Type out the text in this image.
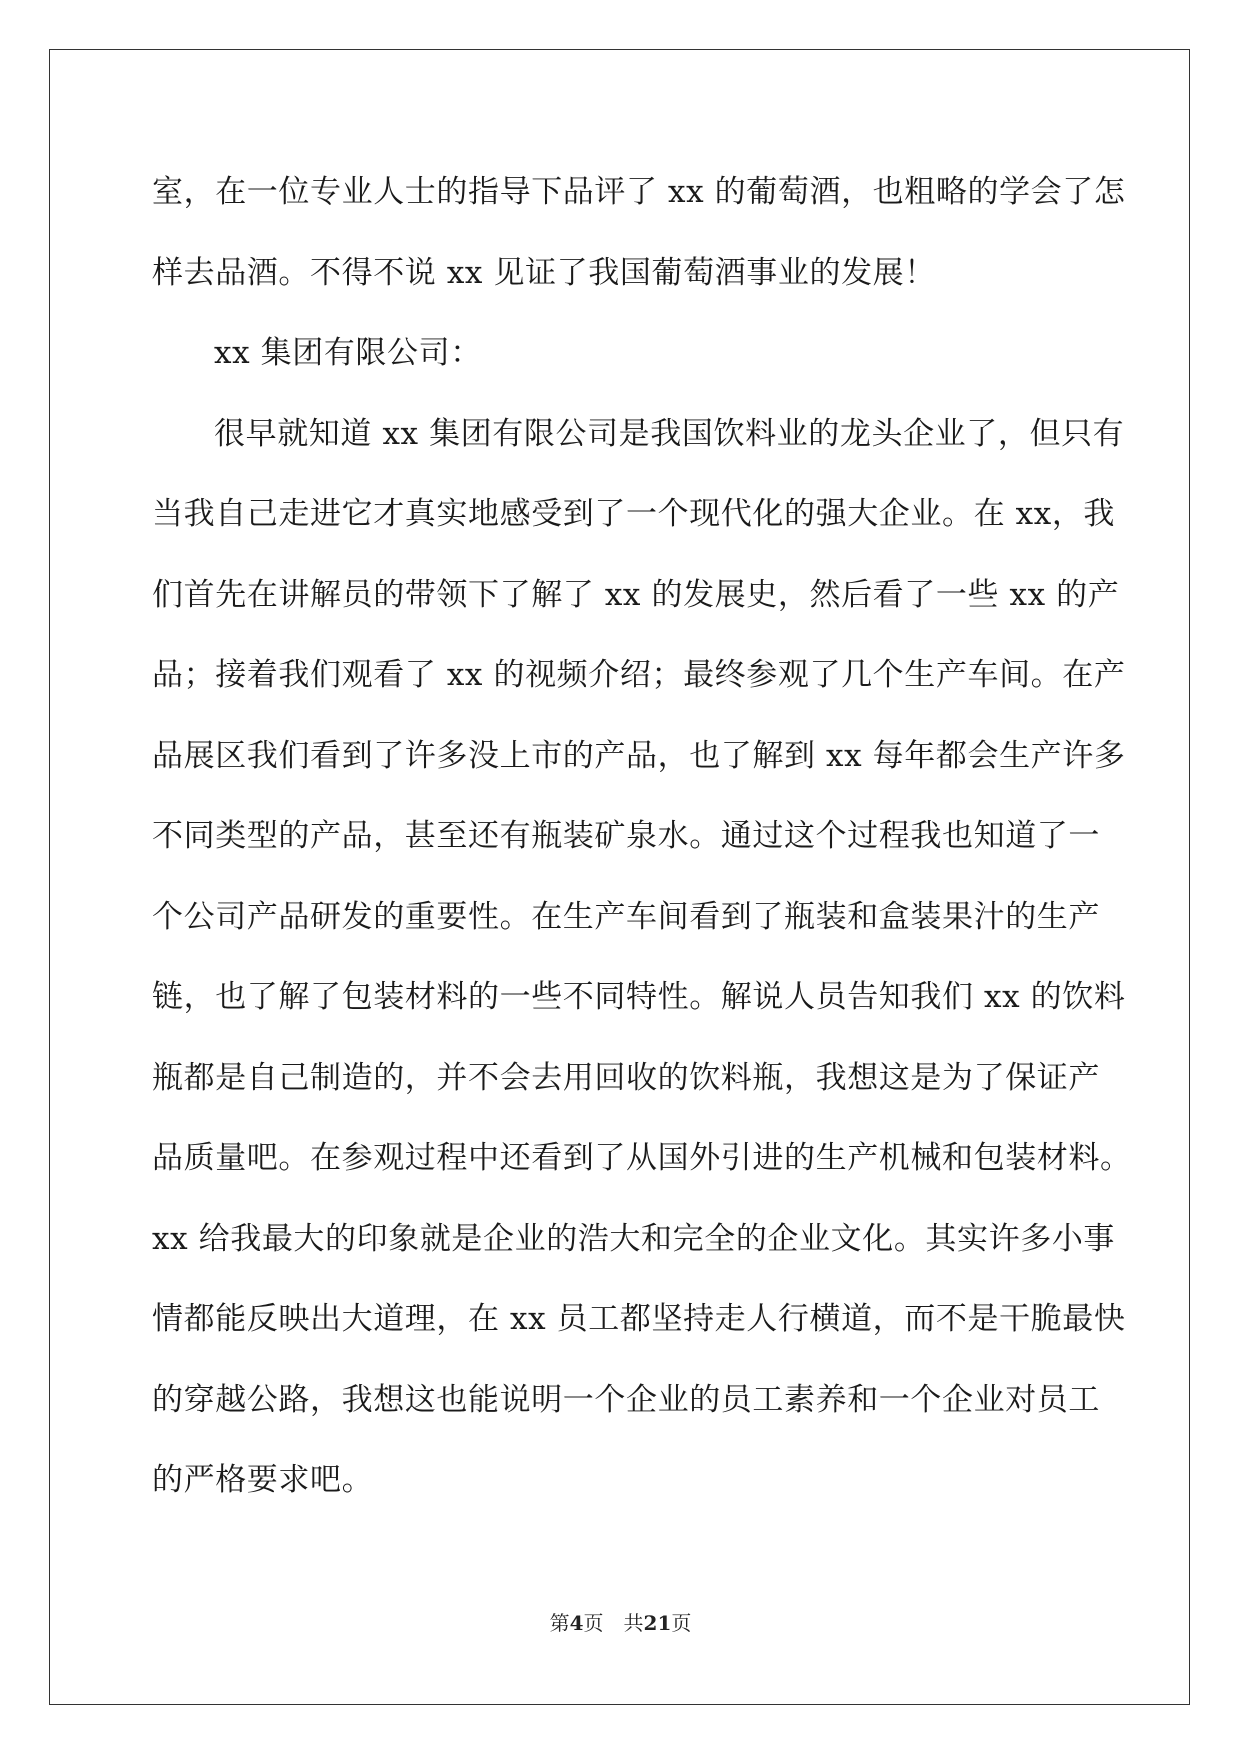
室，在一位专业人士的指导下品评了 xx 的葡萄酒，也粗略的学会了怎
样去品酒。不得不说 xx 见证了我国葡萄酒事业的发展！
xx 集团有限公司：
很早就知道 xx 集团有限公司是我国饮料业的龙头企业了，但只有
当我自己走进它才真实地感受到了一个现代化的强大企业。在 xx，我
们首先在讲解员的带领下了解了 xx 的发展史，然后看了一些 xx 的产
品；接着我们观看了 xx 的视频介绍；最终参观了几个生产车间。在产
品展区我们看到了许多没上市的产品，也了解到 xx 每年都会生产许多
不同类型的产品，甚至还有瓶装矿泉水。通过这个过程我也知道了一
个公司产品研发的重要性。在生产车间看到了瓶装和盒装果汁的生产
链，也了解了包装材料的一些不同特性。解说人员告知我们 xx 的饮料
瓶都是自己制造的，并不会去用回收的饮料瓶，我想这是为了保证产
品质量吧。在参观过程中还看到了从国外引进的生产机械和包装材料。
xx 给我最大的印象就是企业的浩大和完全的企业文化。其实许多小事
情都能反映出大道理，在 xx 员工都坚持走人行横道，而不是干脆最快
的穿越公路，我想这也能说明一个企业的员工素养和一个企业对员工
的严格要求吧。
第4页 共21页
